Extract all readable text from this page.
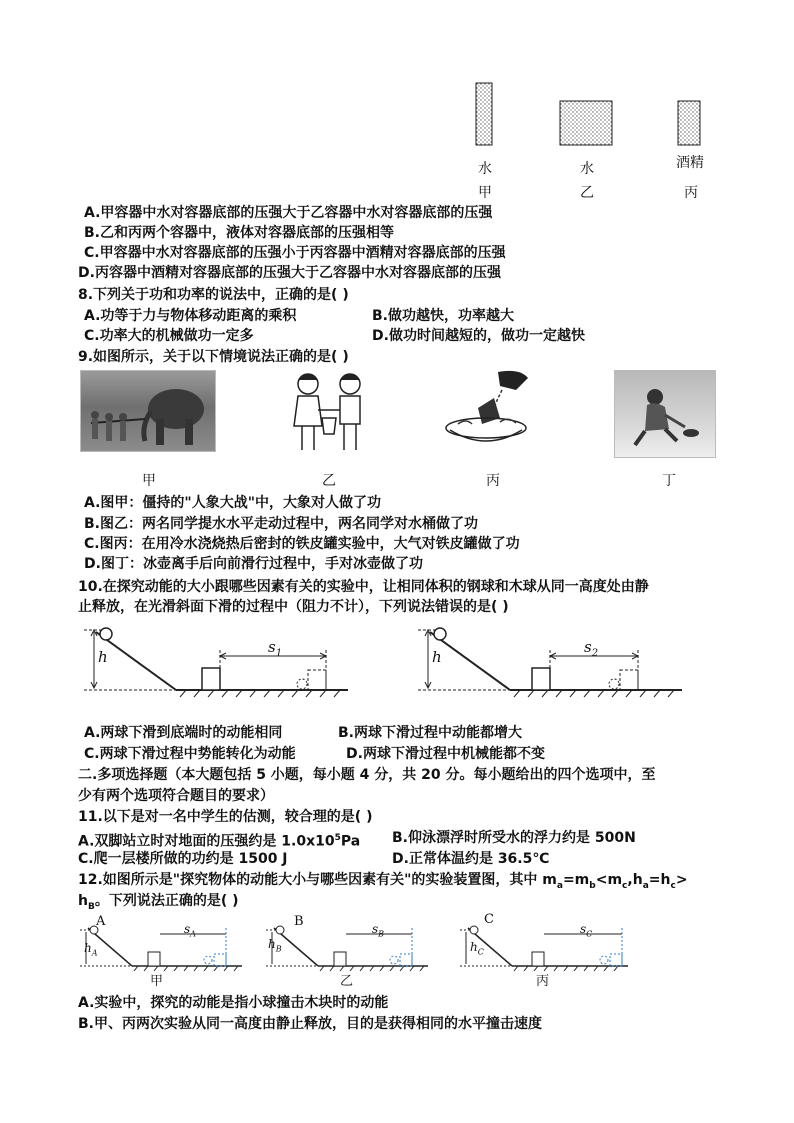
水	水	酒精
甲	乙	丙
A.甲容器中水对容器底部的压强大于乙容器中水对容器底部的压强
B.乙和丙两个容器中，液体对容器底部的压强相等
C.甲容器中水对容器底部的压强小于丙容器中酒精对容器底部的压强
D.丙容器中酒精对容器底部的压强大于乙容器中水对容器底部的压强
8.下列关于功和功率的说法中，正确的是( )
A.功等于力与物体移动距离的乘积	B.做功越快，功率越大
C.功率大的机械做功一定多	D.做功时间越短的，做功一定越快
9.如图所示，关于以下情境说法正确的是( )
甲	乙	丙	丁
A.图甲：僵持的"人象大战"中，大象对人做了功
B.图乙：两名同学提水水平走动过程中，两名同学对水桶做了功
C.图丙：在用冷水浇烧热后密封的铁皮罐实验中，大气对铁皮罐做了功
D.图丁：冰壶离手后向前滑行过程中，手对冰壶做了功
10.在探究动能的大小跟哪些因素有关的实验中，让相同体积的钢球和木球从同一高度处由静
止释放，在光滑斜面下滑的过程中（阻力不计），下列说法错误的是( )
h
$s_1$	h
$s_2$
A.两球下滑到底端时的动能相同	B.两球下滑过程中动能都增大
C.两球下滑过程中势能转化为动能	D.两球下滑过程中机械能都不变
二.多项选择题（本大题包括 5 小题，每小题 4 分，共 20 分。每小题给出的四个选项中，至
少有两个选项符合题目的要求）
11.以下是对一名中学生的估测，较合理的是( )
A.双脚站立时对地面的压强约是 $1.0x10^5Pa$ B.仰泳漂浮时所受水的浮力约是 500N
C.爬一层楼所做的功约是 1500 J	D.正常体温约是 36.5℃
12.如图所示是"探究物体的动能大小与哪些因素有关"的实验装置图，其中 $m_a=m_b<m_c,h_a=h_c>$
$h_B$。下列说法正确的是( )
A
$h_A$
$s_A$
甲
B
$h_B$
$s_B$
乙
C
$h_C$
$s_C$
丙
A.实验中，探究的动能是指小球撞击木块时的动能
B.甲、丙两次实验从同一高度由静止释放，目的是获得相同的水平撞击速度
